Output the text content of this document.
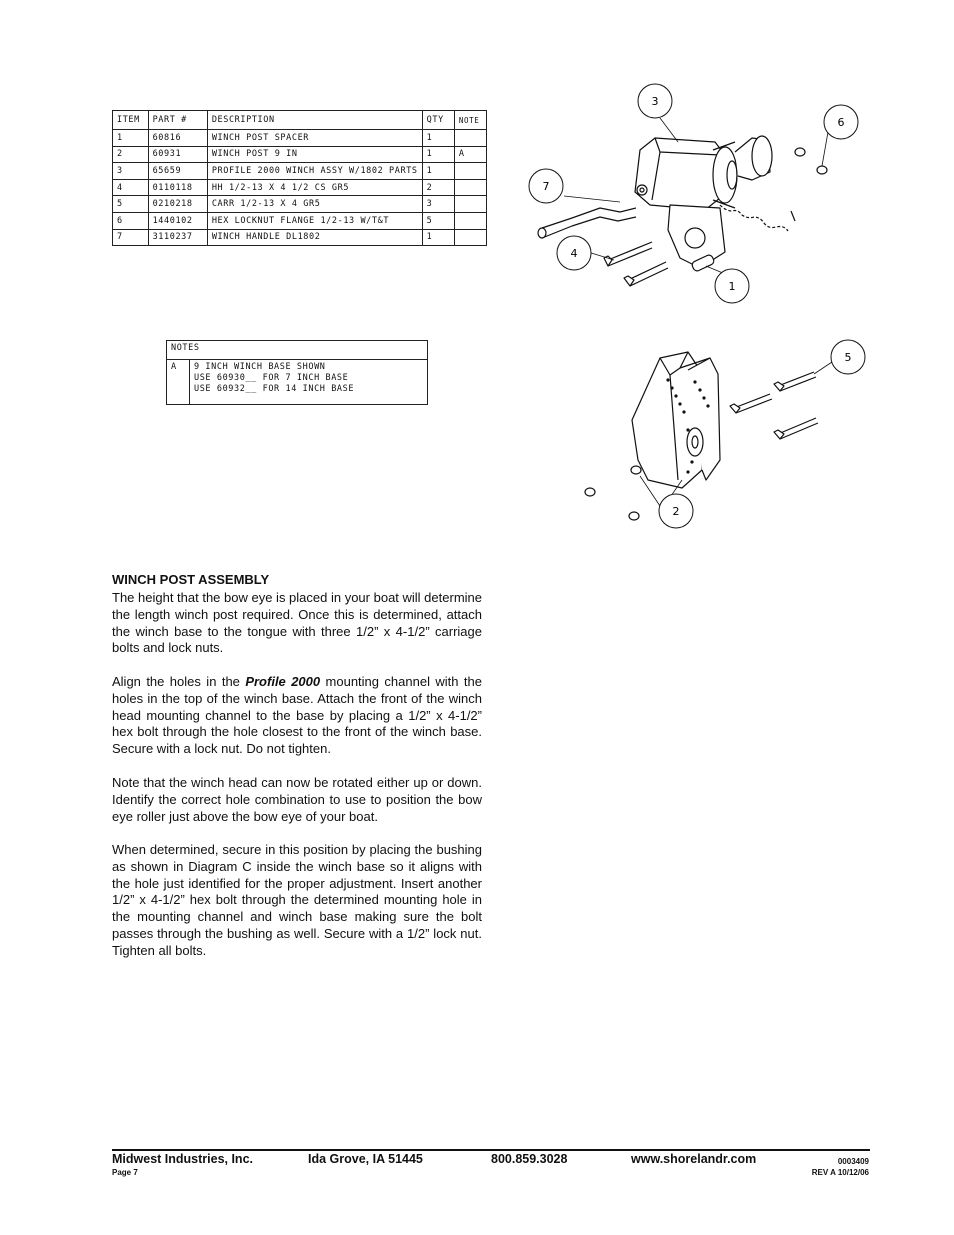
ITEM	PART #	DESCRIPTION	QTY	NOTE
1	60816	WINCH POST SPACER	1	
2	60931	WINCH POST 9 IN	1	A
3	65659	PROFILE 2000 WINCH ASSY W/1802 PARTS	1	
4	0110118	HH 1/2-13 X 4 1/2 CS GR5	2	
5	0210218	CARR 1/2-13 X 4 GR5	3	
6	1440102	HEX LOCKNUT FLANGE 1/2-13 W/T&T	5	
7	3110237	WINCH HANDLE DL1802	1	
NOTES
A	9 INCH WINCH BASE SHOWN
USE 60930__ FOR 7 INCH BASE
USE 60932__ FOR 14 INCH BASE
3
6
7
4
1
5
2
WINCH POST ASSEMBLY
The height that the bow eye is placed in your boat will determine the length winch post required. Once this is determined, attach the winch base to the tongue with three 1/2” x 4-1/2” carriage bolts and lock nuts.
Align the holes in the Profile 2000 mounting channel with the holes in the top of the winch base. Attach the front of the winch head mounting channel to the base by placing a 1/2” x 4-1/2” hex bolt through the hole closest to the front of the winch base. Secure with a lock nut. Do not tighten.
Note that the winch head can now be rotated either up or down. Identify the correct hole combination to use to position the bow eye roller just above the bow eye of your boat.
When determined, secure in this position by placing the bushing as shown in Diagram C inside the winch base so it aligns with the hole just identified for the proper adjustment. Insert another 1/2” x 4-1/2” hex bolt through the determined mounting hole in the mounting channel and winch base making sure the bolt passes through the bushing as well. Secure with a 1/2” lock nut. Tighten all bolts.
Midwest Industries, Inc.	Ida Grove, IA 51445	800.859.3028	www.shorelandr.com
Page 7
0003409
REV A 10/12/06
